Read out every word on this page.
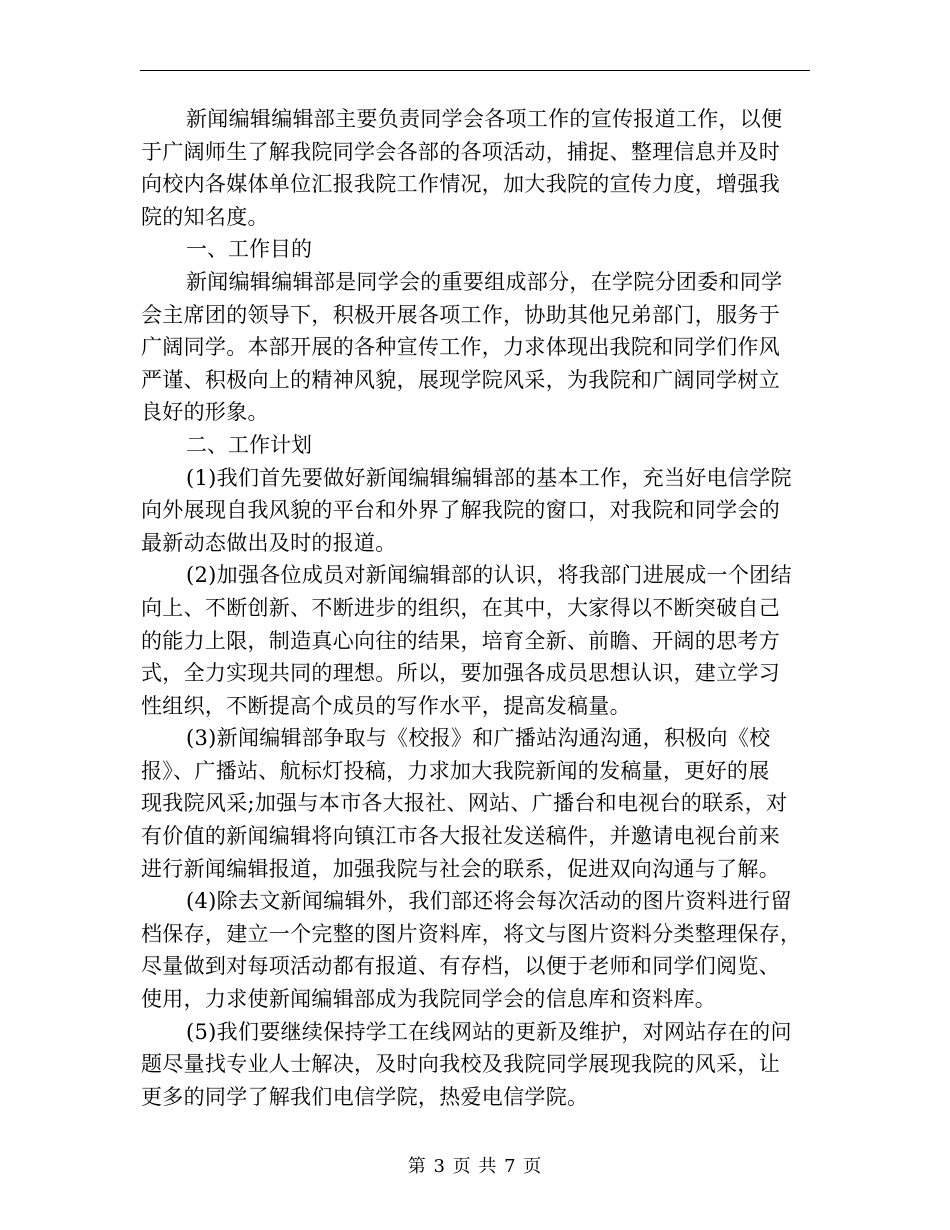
新闻编辑编辑部主要负责同学会各项工作的宣传报道工作，以便
于广阔师生了解我院同学会各部的各项活动，捕捉、整理信息并及时
向校内各媒体单位汇报我院工作情况，加大我院的宣传力度，增强我
院的知名度。

一、工作目的

新闻编辑编辑部是同学会的重要组成部分，在学院分团委和同学
会主席团的领导下，积极开展各项工作，协助其他兄弟部门，服务于
广阔同学。本部开展的各种宣传工作，力求体现出我院和同学们作风
严谨、积极向上的精神风貌，展现学院风采，为我院和广阔同学树立
良好的形象。

二、工作计划

(1)我们首先要做好新闻编辑编辑部的基本工作，充当好电信学院
向外展现自我风貌的平台和外界了解我院的窗口，对我院和同学会的
最新动态做出及时的报道。

(2)加强各位成员对新闻编辑部的认识，将我部门进展成一个团结
向上、不断创新、不断进步的组织，在其中，大家得以不断突破自己
的能力上限，制造真心向往的结果，培育全新、前瞻、开阔的思考方
式，全力实现共同的理想。所以，要加强各成员思想认识，建立学习
性组织，不断提高个成员的写作水平，提高发稿量。

(3)新闻编辑部争取与《校报》和广播站沟通沟通，积极向《校
报》、广播站、航标灯投稿，力求加大我院新闻的发稿量，更好的展
现我院风采;加强与本市各大报社、网站、广播台和电视台的联系，对
有价值的新闻编辑将向镇江市各大报社发送稿件，并邀请电视台前来
进行新闻编辑报道，加强我院与社会的联系，促进双向沟通与了解。

(4)除去文新闻编辑外，我们部还将会每次活动的图片资料进行留
档保存，建立一个完整的图片资料库，将文与图片资料分类整理保存，
尽量做到对每项活动都有报道、有存档，以便于老师和同学们阅览、
使用，力求使新闻编辑部成为我院同学会的信息库和资料库。

(5)我们要继续保持学工在线网站的更新及维护，对网站存在的问
题尽量找专业人士解决，及时向我校及我院同学展现我院的风采，让
更多的同学了解我们电信学院，热爱电信学院。

第 3 页 共 7 页
